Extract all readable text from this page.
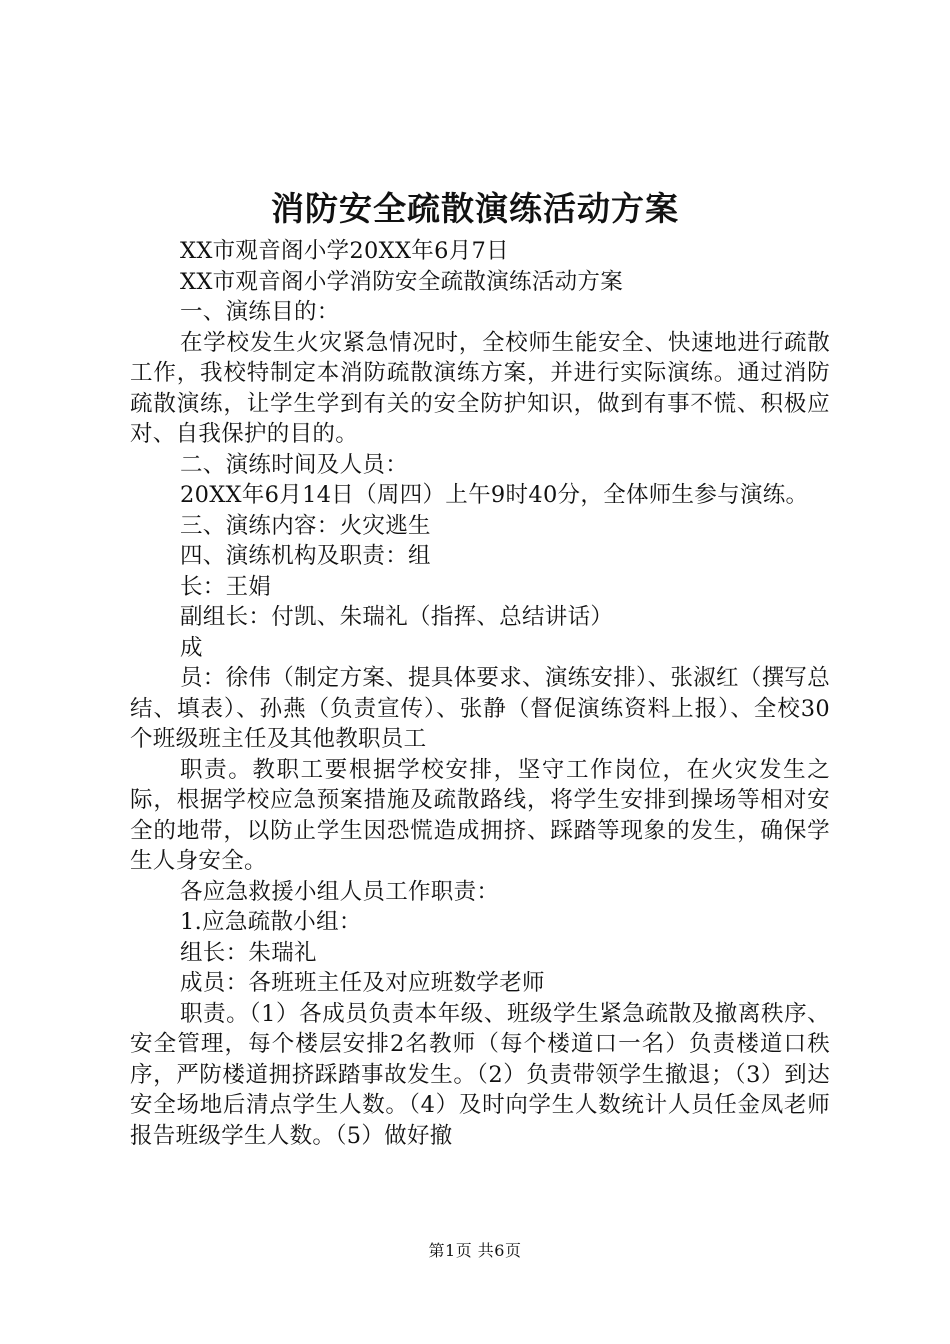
消防安全疏散演练活动方案

XX市观音阁小学20XX年6月7日

XX市观音阁小学消防安全疏散演练活动方案

一、演练目的：

在学校发生火灾紧急情况时，全校师生能安全、快速地进行疏散工作，我校特制定本消防疏散演练方案，并进行实际演练。通过消防疏散演练，让学生学到有关的安全防护知识，做到有事不慌、积极应对、自我保护的目的。

二、演练时间及人员：

20XX年6月14日（周四）上午9时40分，全体师生参与演练。

三、演练内容：火灾逃生

四、演练机构及职责：组

长：王娟

副组长：付凯、朱瑞礼（指挥、总结讲话）

成

员：徐伟（制定方案、提具体要求、演练安排）、张淑红（撰写总结、填表）、孙燕（负责宣传）、张静（督促演练资料上报）、全校30个班级班主任及其他教职员工

职责。教职工要根据学校安排，坚守工作岗位，在火灾发生之际，根据学校应急预案措施及疏散路线，将学生安排到操场等相对安全的地带，以防止学生因恐慌造成拥挤、踩踏等现象的发生，确保学生人身安全。

各应急救援小组人员工作职责：

1.应急疏散小组：

组长：朱瑞礼

成员：各班班主任及对应班数学老师

职责。（1）各成员负责本年级、班级学生紧急疏散及撤离秩序、安全管理，每个楼层安排2名教师（每个楼道口一名）负责楼道口秩序，严防楼道拥挤踩踏事故发生。（2）负责带领学生撤退；（3）到达安全场地后清点学生人数。（4）及时向学生人数统计人员任金凤老师报告班级学生人数。（5）做好撤

第1页 共6页
